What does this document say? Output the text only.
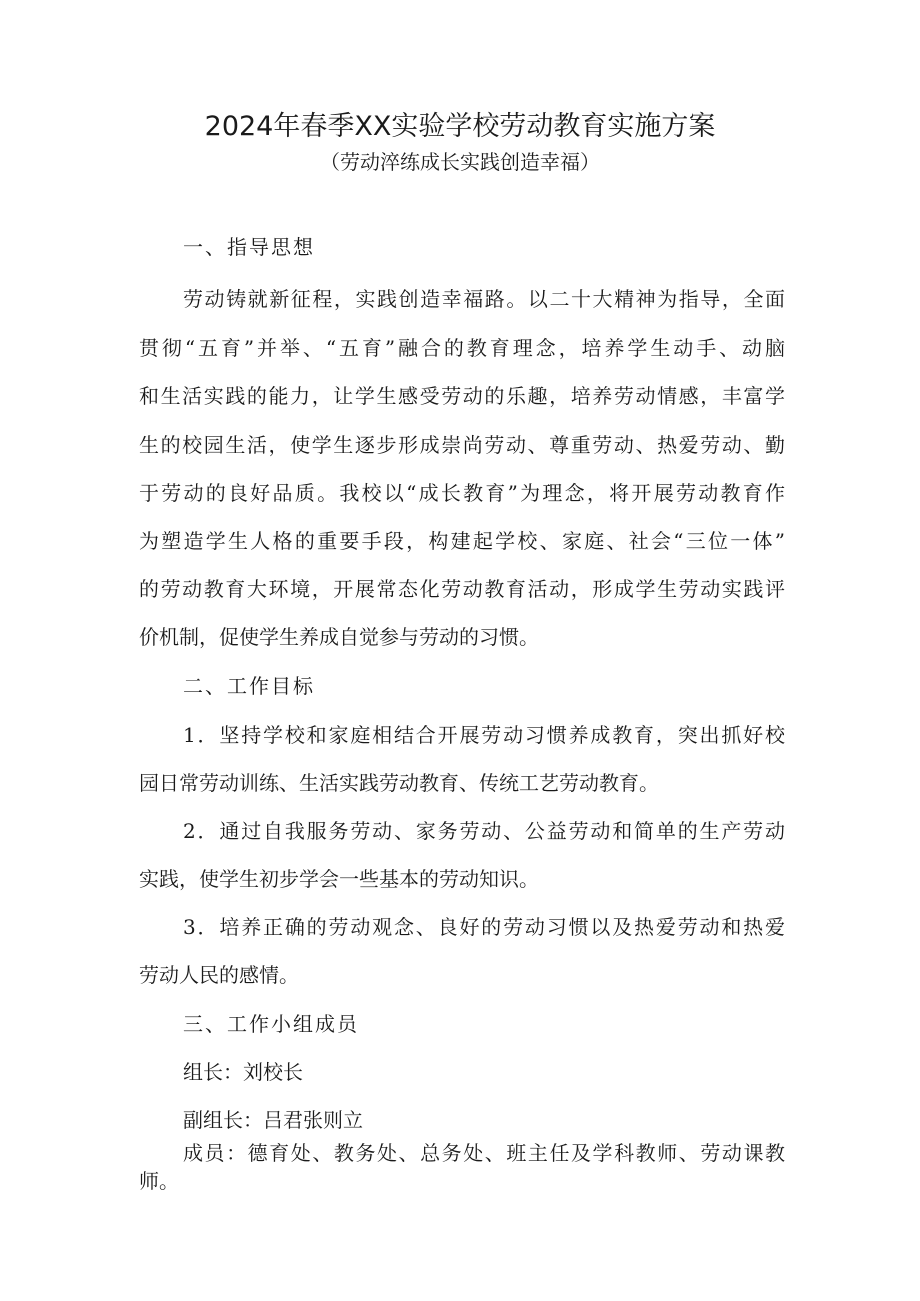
2024年春季XX实验学校劳动教育实施方案

（劳动淬练成长实践创造幸福）

一、指导思想
劳动铸就新征程，实践创造幸福路。以二十大精神为指导，全面
贯彻“五育”并举、“五育”融合的教育理念，培养学生动手、动脑
和生活实践的能力，让学生感受劳动的乐趣，培养劳动情感，丰富学
生的校园生活，使学生逐步形成崇尚劳动、尊重劳动、热爱劳动、勤
于劳动的良好品质。我校以“成长教育”为理念，将开展劳动教育作
为塑造学生人格的重要手段，构建起学校、家庭、社会“三位一体”
的劳动教育大环境，开展常态化劳动教育活动，形成学生劳动实践评
价机制，促使学生养成自觉参与劳动的习惯。
二、工作目标
1．坚持学校和家庭相结合开展劳动习惯养成教育，突出抓好校
园日常劳动训练、生活实践劳动教育、传统工艺劳动教育。
2．通过自我服务劳动、家务劳动、公益劳动和简单的生产劳动
实践，使学生初步学会一些基本的劳动知识。
3．培养正确的劳动观念、良好的劳动习惯以及热爱劳动和热爱
劳动人民的感情。
三、工作小组成员
组长：刘校长
副组长：吕君张则立
成员：德育处、教务处、总务处、班主任及学科教师、劳动课教
师。
